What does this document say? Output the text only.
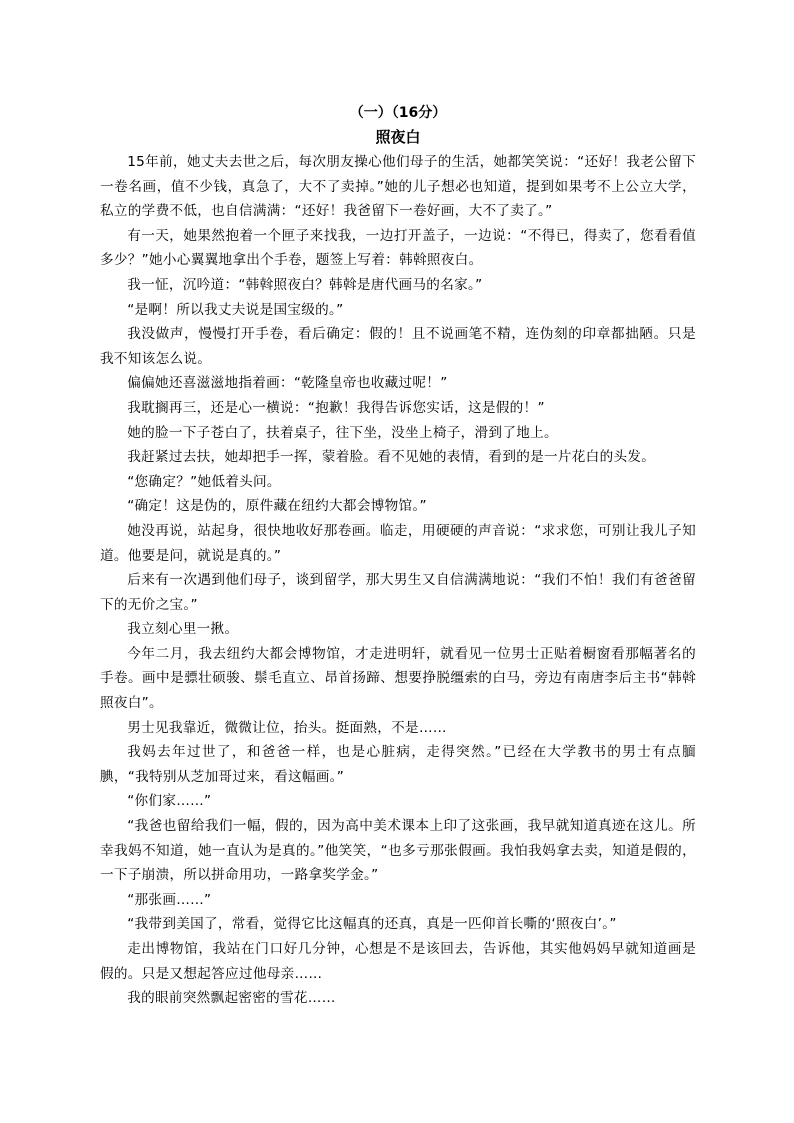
（一）（16分）

照夜白

15年前，她丈夫去世之后，每次朋友操心他们母子的生活，她都笑笑说：“还好！我老公留下一卷名画，值不少钱，真急了，大不了卖掉。”她的儿子想必也知道，提到如果考不上公立大学，私立的学费不低，也自信满满：“还好！我爸留下一卷好画，大不了卖了。”

有一天，她果然抱着一个匣子来找我，一边打开盖子，一边说：“不得已，得卖了，您看看值多少？”她小心翼翼地拿出个手卷，题签上写着：韩斡照夜白。

我一怔，沉吟道：“韩斡照夜白？韩斡是唐代画马的名家。”

“是啊！所以我丈夫说是国宝级的。”

我没做声，慢慢打开手卷，看后确定：假的！且不说画笔不精，连伪刻的印章都拙陋。只是我不知该怎么说。

偏偏她还喜滋滋地指着画：“乾隆皇帝也收藏过呢！”

我耽搁再三，还是心一横说：“抱歉！我得告诉您实话，这是假的！”

她的脸一下子苍白了，扶着桌子，往下坐，没坐上椅子，滑到了地上。

我赶紧过去扶，她却把手一挥，蒙着脸。看不见她的表情，看到的是一片花白的头发。

“您确定？”她低着头问。

“确定！这是伪的，原件藏在纽约大都会博物馆。”

她没再说，站起身，很快地收好那卷画。临走，用硬硬的声音说：“求求您，可别让我儿子知道。他要是问，就说是真的。”

后来有一次遇到他们母子，谈到留学，那大男生又自信满满地说：“我们不怕！我们有爸爸留下的无价之宝。”

我立刻心里一揪。

今年二月，我去纽约大都会博物馆，才走进明轩，就看见一位男士正贴着橱窗看那幅著名的手卷。画中是骠壮硕骏、鬃毛直立、昂首扬蹄、想要挣脱缰索的白马，旁边有南唐李后主书“韩斡照夜白”。

男士见我靠近，微微让位，抬头。挺面熟，不是……

我妈去年过世了，和爸爸一样，也是心脏病，走得突然。”已经在大学教书的男士有点腼腆，“我特别从芝加哥过来，看这幅画。”

“你们家……”

“我爸也留给我们一幅，假的，因为高中美术课本上印了这张画，我早就知道真迹在这儿。所幸我妈不知道，她一直认为是真的。”他笑笑，“也多亏那张假画。我怕我妈拿去卖，知道是假的，一下子崩溃，所以拼命用功，一路拿奖学金。”

“那张画……”

“我带到美国了，常看，觉得它比这幅真的还真，真是一匹仰首长嘶的‘照夜白’。”

走出博物馆，我站在门口好几分钟，心想是不是该回去，告诉他，其实他妈妈早就知道画是假的。只是又想起答应过他母亲……

我的眼前突然飘起密密的雪花……
